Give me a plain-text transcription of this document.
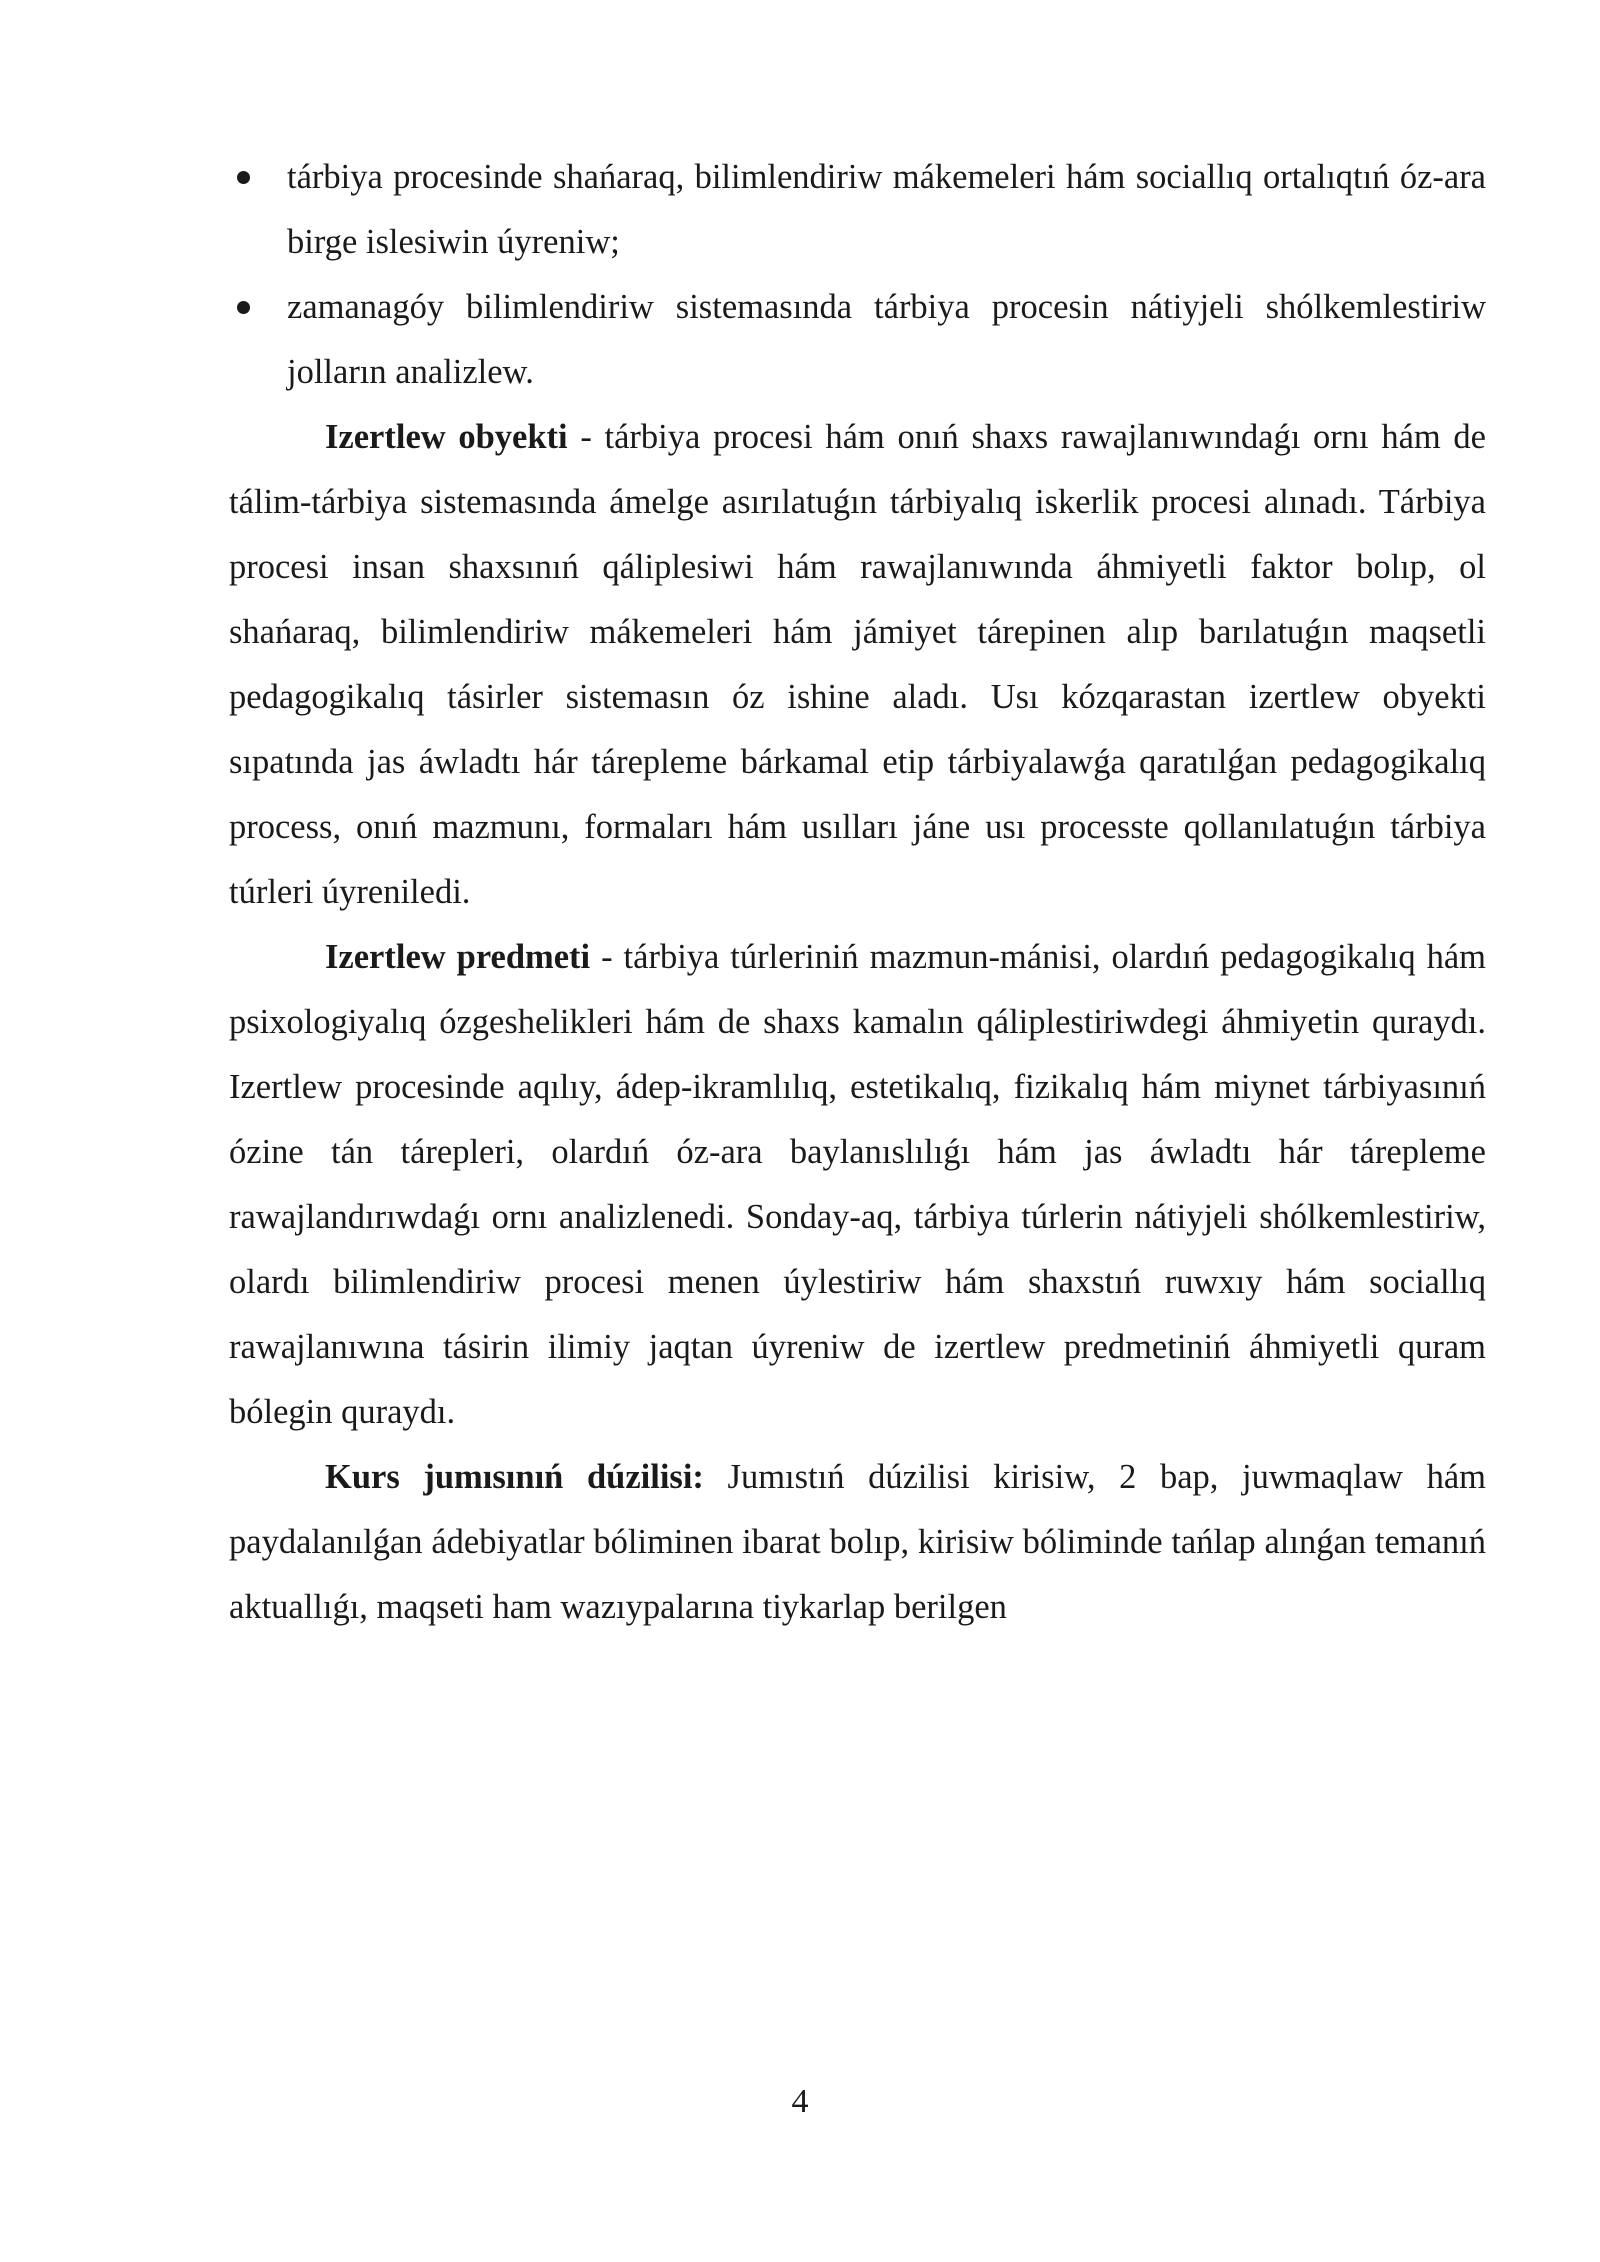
tárbiya procesinde shańaraq, bilimlendiriw mákemeleri hám sociallıq ortalıqtıń óz-ara birge islesiwin úyreniw;
zamanagóy bilimlendiriw sistemasında tárbiya procesin nátiyjeli shólkemlestiriw jolların analizlew.

Izertlew obyekti - tárbiya procesi hám onıń shaxs rawajlanıwındaǵı ornı hám de tálim-tárbiya sistemasında ámelge asırılatuǵın tárbiyalıq iskerlik procesi alınadı. Tárbiya procesi insan shaxsınıń qáliplesiwi hám rawajlanıwında áhmiyetli faktor bolıp, ol shańaraq, bilimlendiriw mákemeleri hám jámiyet tárepinen alıp barılatuǵın maqsetli pedagogikalıq tásirler sistemasın óz ishine aladı. Usı kózqarastan izertlew obyekti sıpatında jas áwladtı hár tárepleme bárkamal etip tárbiyalawǵa qaratılǵan pedagogikalıq process, onıń mazmunı, formaları hám usılları jáne usı processte qollanılatuǵın tárbiya túrleri úyreniledi.

Izertlew predmeti - tárbiya túrleriniń mazmun-mánisi, olardıń pedagogikalıq hám psixologiyalıq ózgeshelikleri hám de shaxs kamalın qáliplestiriwdegi áhmiyetin quraydı. Izertlew procesinde aqılıy, ádep-ikramlılıq, estetikalıq, fizikalıq hám miynet tárbiyasınıń ózine tán tárepleri, olardıń óz-ara baylanıslılıǵı hám jas áwladtı hár tárepleme rawajlandırıwdaǵı ornı analizlenedi. Sonday-aq, tárbiya túrlerin nátiyjeli shólkemlestiriw, olardı bilimlendiriw procesi menen úylestiriw hám shaxstıń ruwxıy hám sociallıq rawajlanıwına tásirin ilimiy jaqtan úyreniw de izertlew predmetiniń áhmiyetli quram bólegin quraydı.

Kurs jumısınıń dúzilisi: Jumıstıń dúzilisi kirisiw, 2 bap, juwmaqlaw hám paydalanılǵan ádebiyatlar bóliminen ibarat bolıp, kirisiw bóliminde tańlap alınǵan temanıń aktuallıǵı, maqseti ham wazıypalarına tiykarlap berilgen

4
